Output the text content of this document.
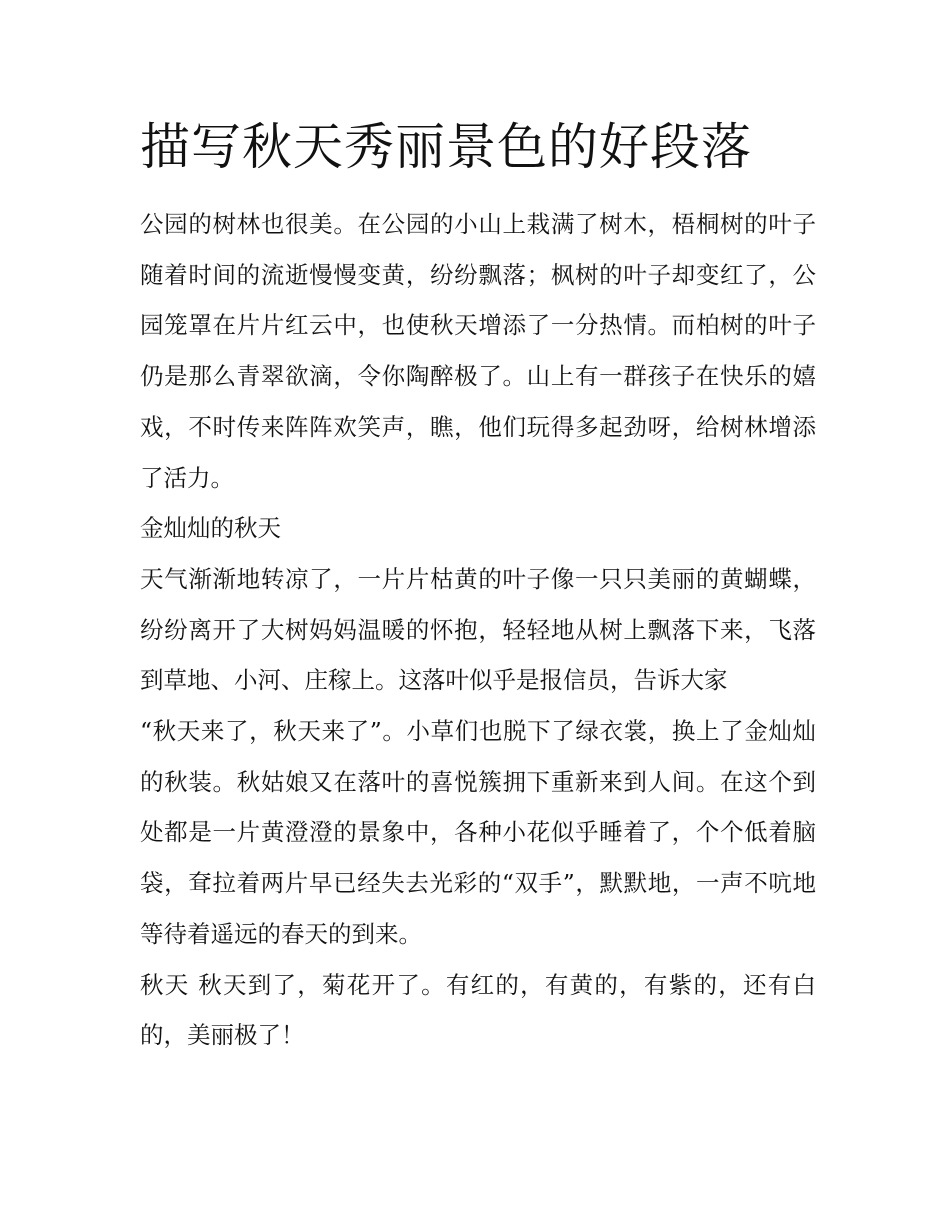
描写秋天秀丽景色的好段落

公园的树林也很美。在公园的小山上栽满了树木，梧桐树的叶子随着时间的流逝慢慢变黄，纷纷飘落；枫树的叶子却变红了，公园笼罩在片片红云中，也使秋天增添了一分热情。而柏树的叶子仍是那么青翠欲滴，令你陶醉极了。山上有一群孩子在快乐的嬉戏，不时传来阵阵欢笑声，瞧，他们玩得多起劲呀，给树林增添了活力。

金灿灿的秋天

天气渐渐地转凉了，一片片枯黄的叶子像一只只美丽的黄蝴蝶，纷纷离开了大树妈妈温暖的怀抱，轻轻地从树上飘落下来，飞落到草地、小河、庄稼上。这落叶似乎是报信员，告诉大家

“秋天来了，秋天来了”。小草们也脱下了绿衣裳，换上了金灿灿的秋装。秋姑娘又在落叶的喜悦簇拥下重新来到人间。在这个到处都是一片黄澄澄的景象中，各种小花似乎睡着了，个个低着脑袋，耷拉着两片早已经失去光彩的“双手”，默默地，一声不吭地等待着遥远的春天的到来。

秋天 秋天到了，菊花开了。有红的，有黄的，有紫的，还有白的，美丽极了！
